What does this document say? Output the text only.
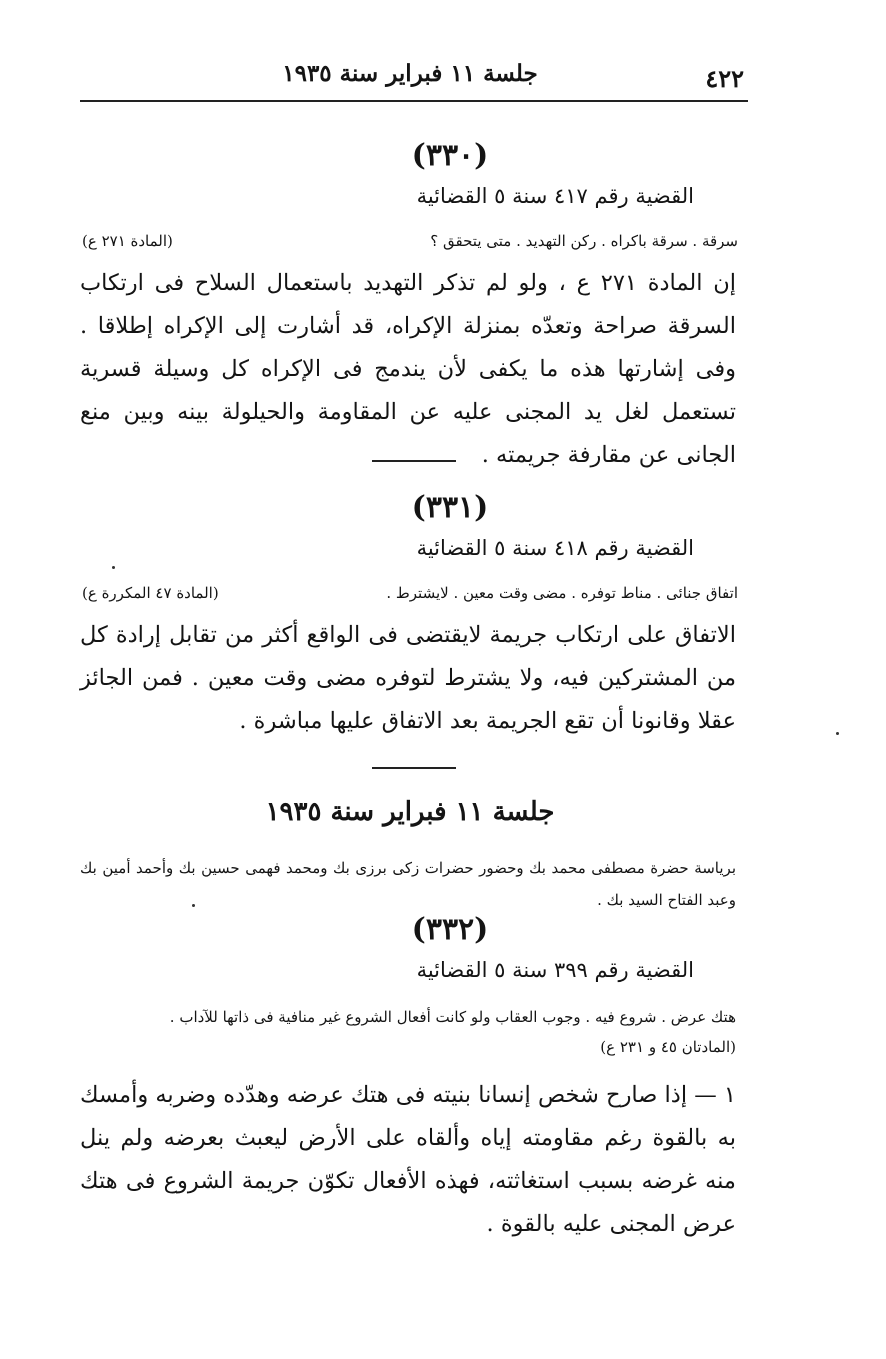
٤٢٢
جلسة ١١ فبراير سنة ١٩٣٥
(٣٣٠)
القضية رقم ٤١٧ سنة ٥ القضائية
سرقة . سرقة باكراه . ركن التهديد . متى يتحقق ؟
(المادة ٢٧١ ع)
إن المادة ٢٧١ ع ، ولو لم تذكر التهديد باستعمال السلاح فى ارتكاب السرقة صراحة وتعدّه بمنزلة الإكراه، قد أشارت إلى الإكراه إطلاقا . وفى إشارتها هذه ما يكفى لأن يندمج فى الإكراه كل وسيلة قسرية تستعمل لغل يد المجنى عليه عن المقاومة والحيلولة بينه وبين منع الجانى عن مقارفة جريمته .
(٣٣١)
القضية رقم ٤١٨ سنة ٥ القضائية
اتفاق جنائى . مناط توفره . مضى وقت معين . لايشترط .
(المادة ٤٧ المكررة ع)
الاتفاق على ارتكاب جريمة لايقتضى فى الواقع أكثر من تقابل إرادة كل من المشتركين فيه، ولا يشترط لتوفره مضى وقت معين . فمن الجائز عقلا وقانونا أن تقع الجريمة بعد الاتفاق عليها مباشرة .
جلسة ١١ فبراير سنة ١٩٣٥
برياسة حضرة مصطفى محمد بك وحضور حضرات زكى برزى بك ومحمد فهمى حسين بك وأحمد أمين بك وعبد الفتاح السيد بك .
(٣٣٢)
القضية رقم ٣٩٩ سنة ٥ القضائية
هتك عرض . شروع فيه . وجوب العقاب ولو كانت أفعال الشروع غير منافية فى ذاتها للآداب .
(المادتان ٤٥ و ٢٣١ ع)
١ — إذا صارح شخص إنسانا بنيته فى هتك عرضه وهدّده وضربه وأمسك به بالقوة رغم مقاومته إياه وألقاه على الأرض ليعبث بعرضه ولم ينل منه غرضه بسبب استغاثته، فهذه الأفعال تكوّن جريمة الشروع فى هتك عرض المجنى عليه بالقوة .
